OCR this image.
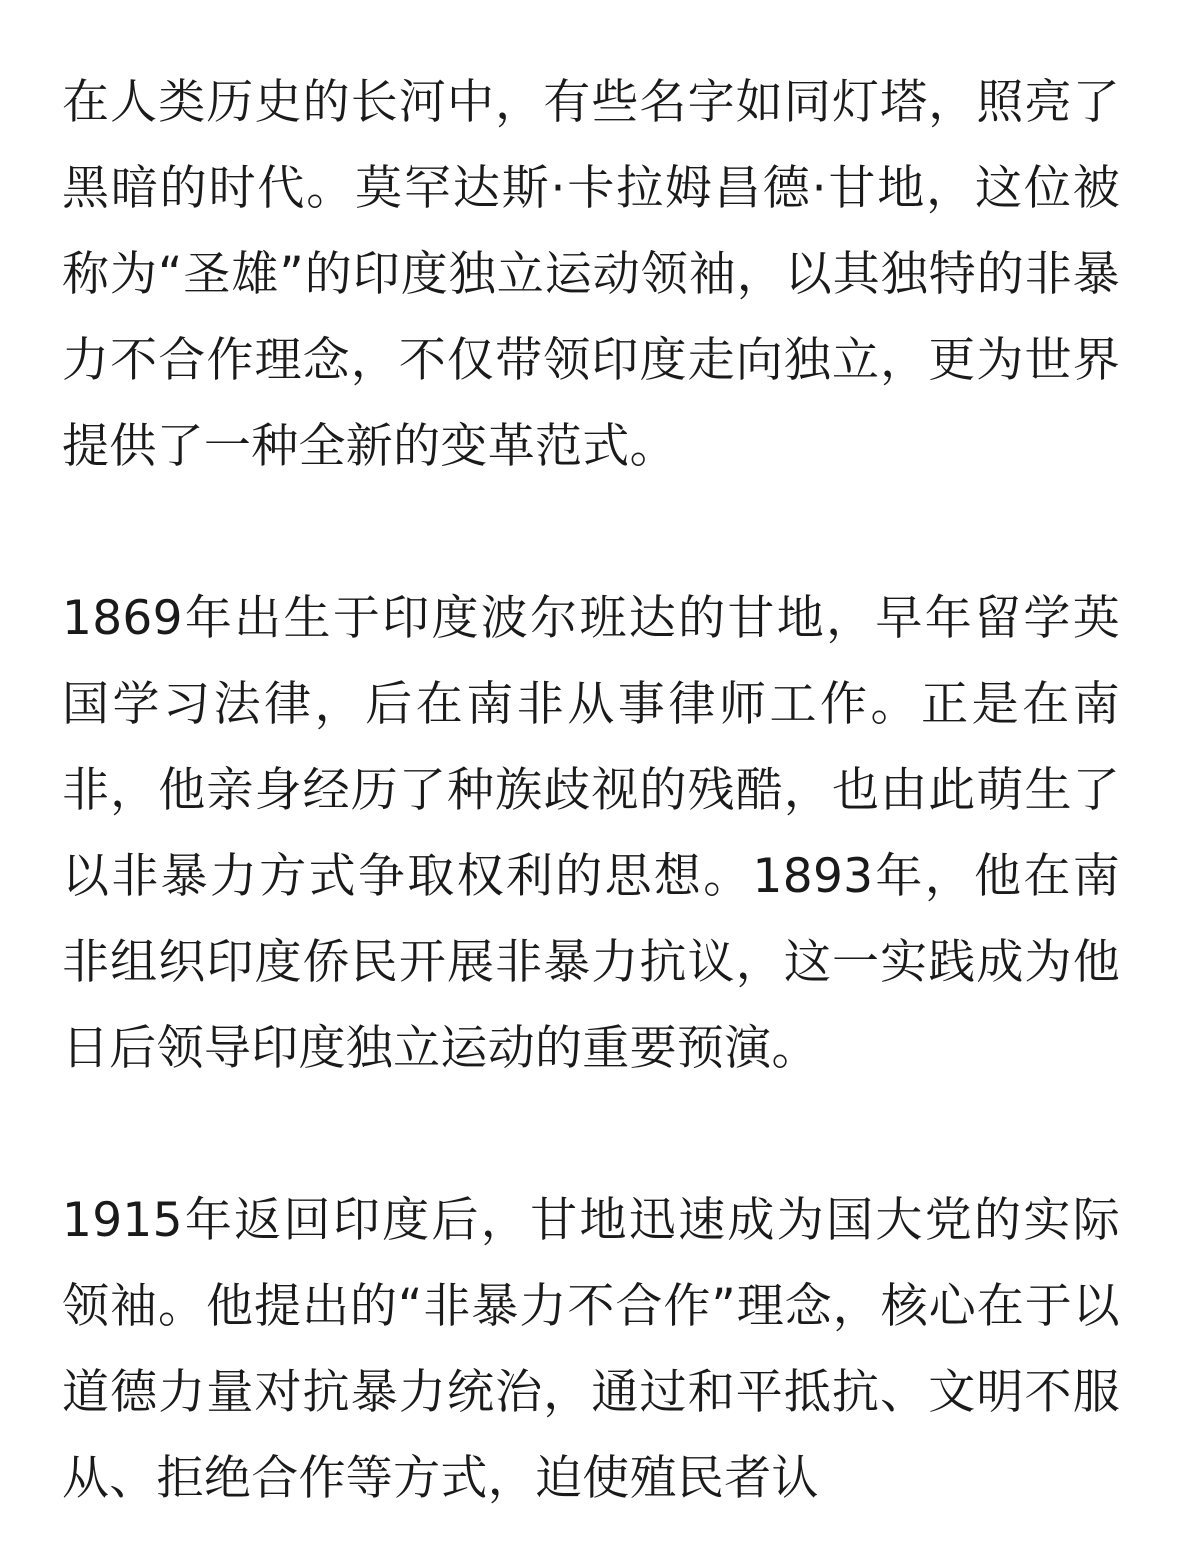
在人类历史的长河中，有些名字如同灯塔，照亮了黑暗的时代。莫罕达斯·卡拉姆昌德·甘地，这位被称为“圣雄”的印度独立运动领袖，以其独特的非暴力不合作理念，不仅带领印度走向独立，更为世界提供了一种全新的变革范式。

1869年出生于印度波尔班达的甘地，早年留学英国学习法律，后在南非从事律师工作。正是在南非，他亲身经历了种族歧视的残酷，也由此萌生了以非暴力方式争取权利的思想。1893年，他在南非组织印度侨民开展非暴力抗议，这一实践成为他日后领导印度独立运动的重要预演。

1915年返回印度后，甘地迅速成为国大党的实际领袖。他提出的“非暴力不合作”理念，核心在于以道德力量对抗暴力统治，通过和平抵抗、文明不服从、拒绝合作等方式，迫使殖民者认
